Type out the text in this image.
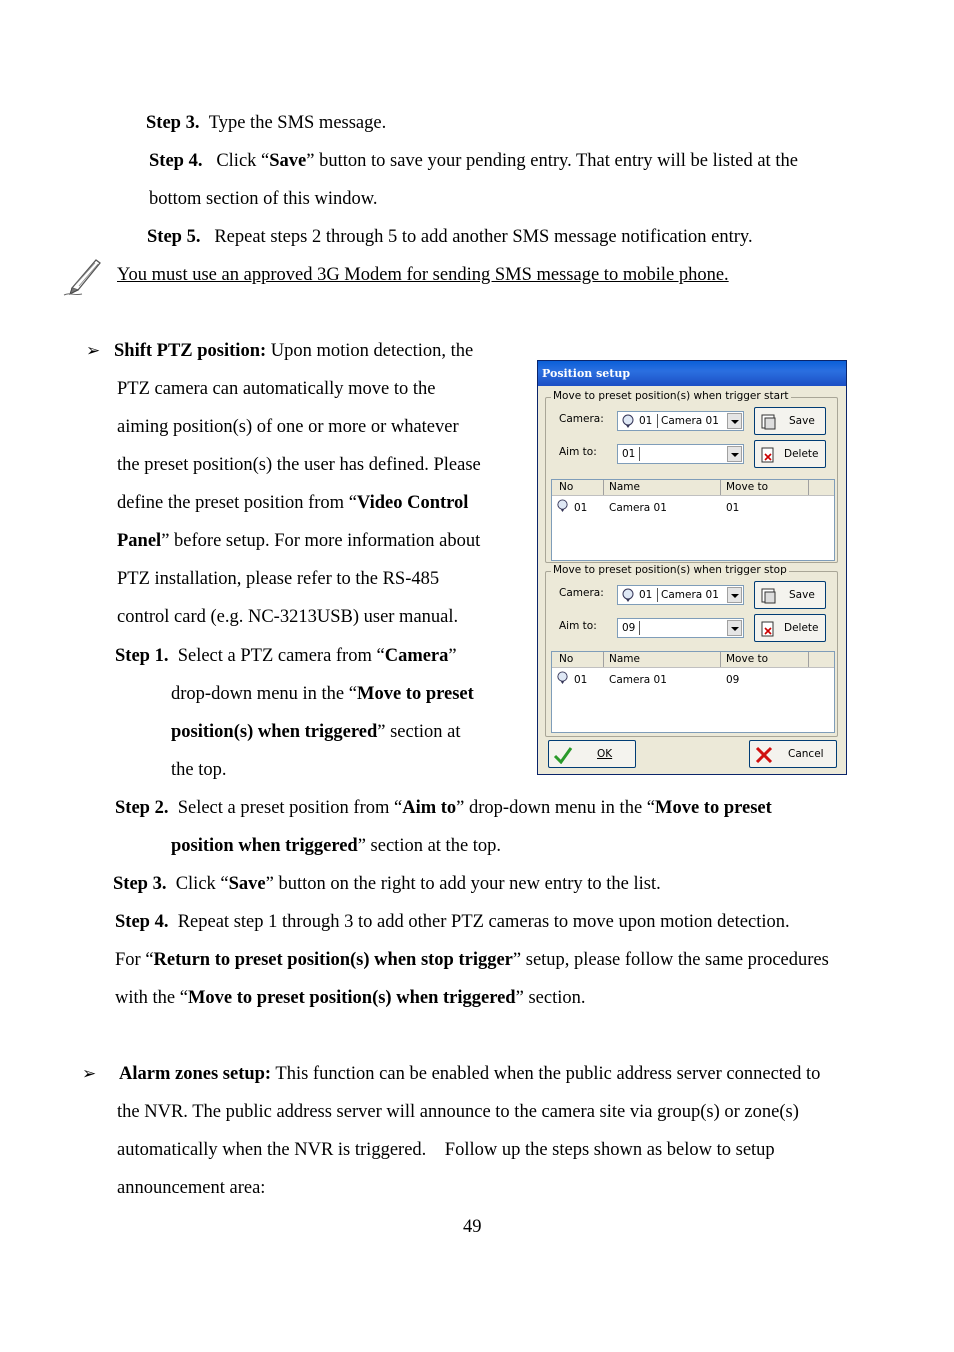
Step 3. Type the SMS message.
Step 4. Click “Save” button to save your pending entry. That entry will be listed at the
bottom section of this window.
Step 5. Repeat steps 2 through 5 to add another SMS message notification entry.
You must use an approved 3G Modem for sending SMS message to mobile phone.
➢ Shift PTZ position: Upon motion detection, the
PTZ camera can automatically move to the
aiming position(s) of one or more or whatever
the preset position(s) the user has defined. Please
define the preset position from “Video Control
Panel” before setup. For more information about
PTZ installation, please refer to the RS-485
control card (e.g. NC-3213USB) user manual.
Step 1. Select a PTZ camera from “Camera”
drop-down menu in the “Move to preset
position(s) when triggered” section at
the top.
Step 2. Select a preset position from “Aim to” drop-down menu in the “Move to preset
position when triggered” section at the top.
Step 3. Click “Save” button on the right to add your new entry to the list.
Step 4. Repeat step 1 through 3 to add other PTZ cameras to move upon motion detection.
For “Return to preset position(s) when stop trigger” setup, please follow the same procedures
with the “Move to preset position(s) when triggered” section.
➢ Alarm zones setup: This function can be enabled when the public address server connected to
the NVR. The public address server will announce to the camera site via group(s) or zone(s)
automatically when the NVR is triggered.    Follow up the steps shown as below to setup
announcement area:
49
Position setup
Move to preset position(s) when trigger start
Camera:	01 Camera 01	Save
Aim to: 01	Delete
No	Name	Move to
01 Camera 01	01
Move to preset position(s) when trigger stop
Camera:	01 Camera 01	Save
Aim to: 09	Delete
No	Name	Move to
01 Camera 01	09
OK	Cancel
